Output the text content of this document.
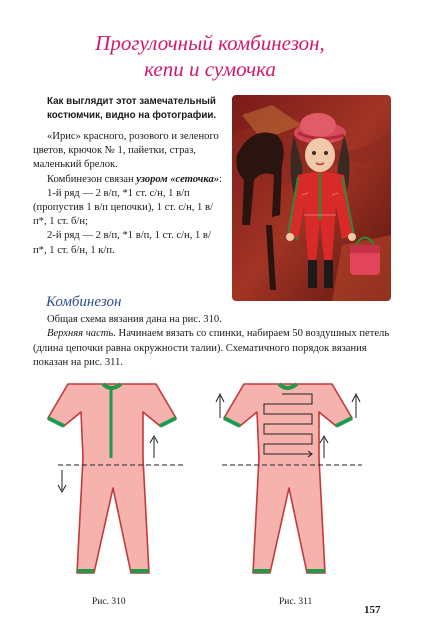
Прогулочный комбинезон,
кепи и сумочка

Как выглядит этот замечательный

костюмчик, видно на фотографии.

«Ирис» красного, розового и зеленого цветов, крючок № 1, пайетки, страз, маленький брелок.

Комбинезон связан узором «сеточка»:

1-й ряд — 2 в/п, *1 ст. с/н, 1 в/п (пропустив 1 в/п цепочки), 1 ст. с/н, 1 в/п*, 1 ст. б/н;

2-й ряд — 2 в/п, *1 в/п, 1 ст. с/н, 1 в/п*, 1 ст. б/н, 1 к/п.

Комбинезон

Общая схема вязания дана на рис. 310.

Верхняя часть. Начинаем вязать со спинки, набираем 50 воздушных петель (длина цепочки равна окружности талии). Схематичного порядок вязания показан на рис. 311.

Рис. 310	Рис. 311
157
